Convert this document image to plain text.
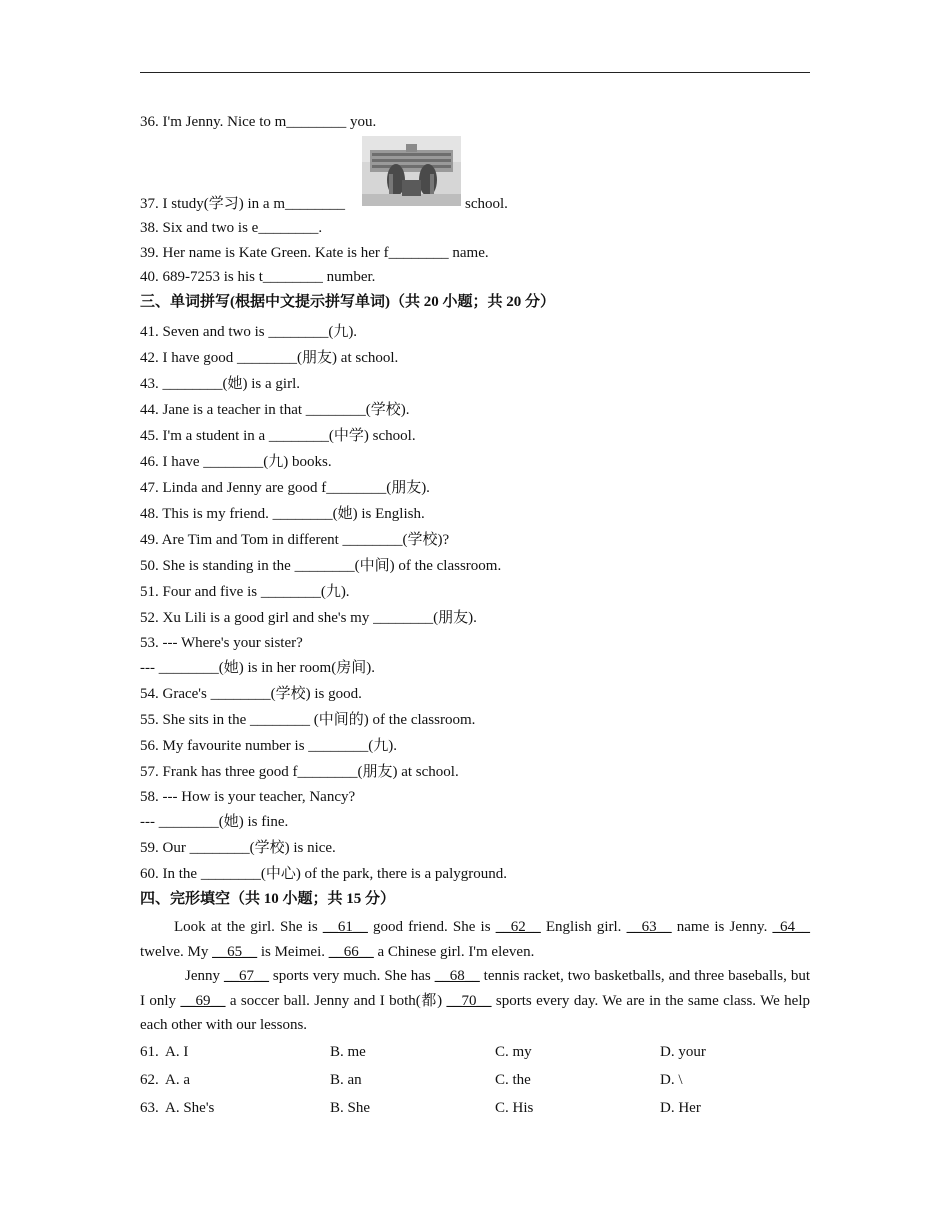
36. I'm Jenny. Nice to m________ you.
37. I study(学习) in a m________	school.
38. Six and two is e________.
39. Her name is Kate Green. Kate is her f________ name.
40. 689-7253 is his t________ number.
三、单词拼写(根据中文提示拼写单词)（共 20 小题；共 20 分）
41. Seven and two is ________(九).
42. I have good ________(朋友) at school.
43. ________(她) is a girl.
44. Jane is a teacher in that ________(学校).
45. I'm a student in a ________(中学) school.
46. I have ________(九) books.
47. Linda and Jenny are good f________(朋友).
48. This is my friend. ________(她) is English.
49. Are Tim and Tom in different ________(学校)?
50. She is standing in the ________(中间) of the classroom.
51. Four and five is ________(九).
52. Xu Lili is a good girl and she's my ________(朋友).
53. --- Where's your sister?
--- ________(她) is in her room(房间).
54. Grace's ________(学校) is good.
55. She sits in the ________ (中间的) of the classroom.
56. My favourite number is ________(九).
57. Frank has three good f________(朋友) at school.
58. --- How is your teacher, Nancy?
--- ________(她) is fine.
59. Our ________(学校) is nice.
60. In the ________(中心) of the park, there is a palyground.
四、完形填空（共 10 小题；共 15 分）
Look at the girl. She is __61__ good friend. She is __62__ English girl. __63__ name is Jenny. _64__ twelve. My __65__ is Meimei. __66__ a Chinese girl. I'm eleven.
Jenny __67__ sports very much. She has __68__ tennis racket, two basketballs, and three baseballs, but I only __69__ a soccer ball. Jenny and I both(都) __70__ sports every day. We are in the same class. We help each other with our lessons.
61. A. I	B. me	C. my	D. your
62. A. a	B. an	C. the	D. \
63. A. She's	B. She	C. His	D. Her
